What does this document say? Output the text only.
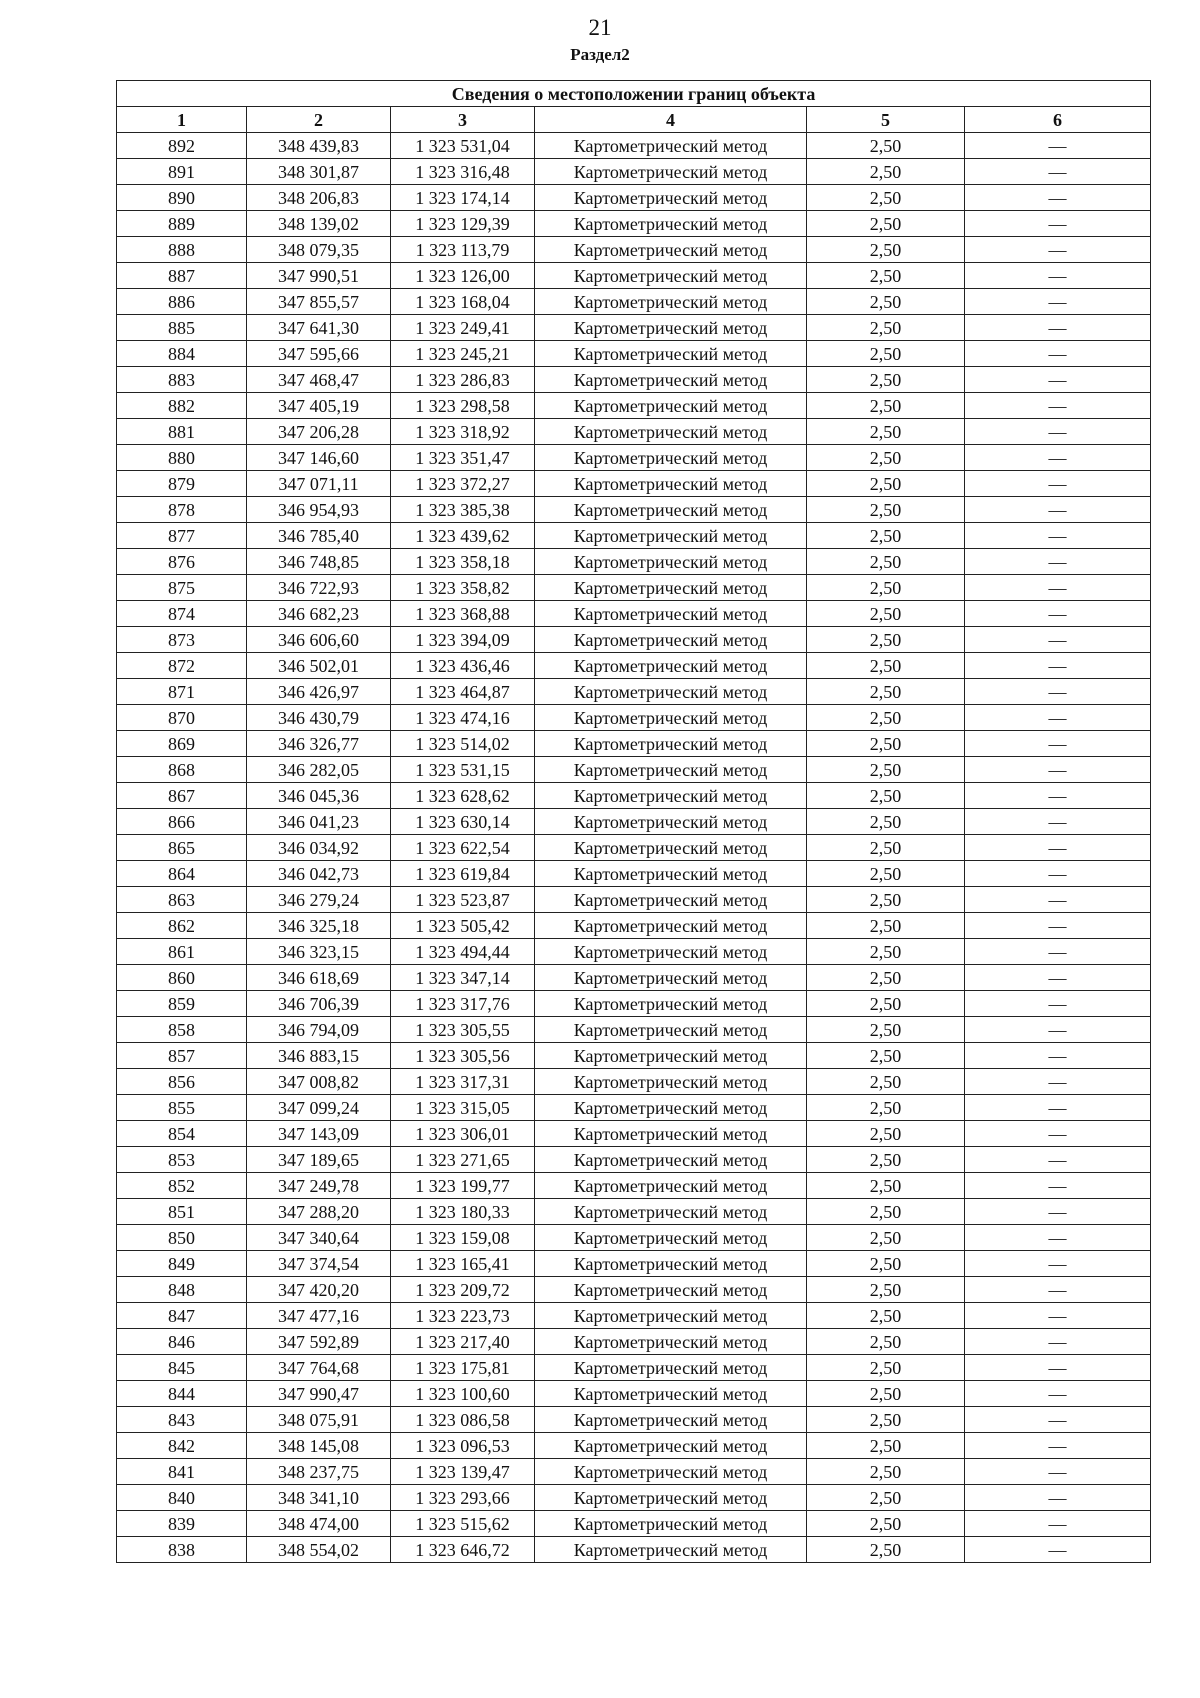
21
Раздел2
Сведения о местоположении границ объекта					
1	2	3	4	5	6
892	348 439,83	1 323 531,04	Картометрический метод	2,50	—
891	348 301,87	1 323 316,48	Картометрический метод	2,50	—
890	348 206,83	1 323 174,14	Картометрический метод	2,50	—
889	348 139,02	1 323 129,39	Картометрический метод	2,50	—
888	348 079,35	1 323 113,79	Картометрический метод	2,50	—
887	347 990,51	1 323 126,00	Картометрический метод	2,50	—
886	347 855,57	1 323 168,04	Картометрический метод	2,50	—
885	347 641,30	1 323 249,41	Картометрический метод	2,50	—
884	347 595,66	1 323 245,21	Картометрический метод	2,50	—
883	347 468,47	1 323 286,83	Картометрический метод	2,50	—
882	347 405,19	1 323 298,58	Картометрический метод	2,50	—
881	347 206,28	1 323 318,92	Картометрический метод	2,50	—
880	347 146,60	1 323 351,47	Картометрический метод	2,50	—
879	347 071,11	1 323 372,27	Картометрический метод	2,50	—
878	346 954,93	1 323 385,38	Картометрический метод	2,50	—
877	346 785,40	1 323 439,62	Картометрический метод	2,50	—
876	346 748,85	1 323 358,18	Картометрический метод	2,50	—
875	346 722,93	1 323 358,82	Картометрический метод	2,50	—
874	346 682,23	1 323 368,88	Картометрический метод	2,50	—
873	346 606,60	1 323 394,09	Картометрический метод	2,50	—
872	346 502,01	1 323 436,46	Картометрический метод	2,50	—
871	346 426,97	1 323 464,87	Картометрический метод	2,50	—
870	346 430,79	1 323 474,16	Картометрический метод	2,50	—
869	346 326,77	1 323 514,02	Картометрический метод	2,50	—
868	346 282,05	1 323 531,15	Картометрический метод	2,50	—
867	346 045,36	1 323 628,62	Картометрический метод	2,50	—
866	346 041,23	1 323 630,14	Картометрический метод	2,50	—
865	346 034,92	1 323 622,54	Картометрический метод	2,50	—
864	346 042,73	1 323 619,84	Картометрический метод	2,50	—
863	346 279,24	1 323 523,87	Картометрический метод	2,50	—
862	346 325,18	1 323 505,42	Картометрический метод	2,50	—
861	346 323,15	1 323 494,44	Картометрический метод	2,50	—
860	346 618,69	1 323 347,14	Картометрический метод	2,50	—
859	346 706,39	1 323 317,76	Картометрический метод	2,50	—
858	346 794,09	1 323 305,55	Картометрический метод	2,50	—
857	346 883,15	1 323 305,56	Картометрический метод	2,50	—
856	347 008,82	1 323 317,31	Картометрический метод	2,50	—
855	347 099,24	1 323 315,05	Картометрический метод	2,50	—
854	347 143,09	1 323 306,01	Картометрический метод	2,50	—
853	347 189,65	1 323 271,65	Картометрический метод	2,50	—
852	347 249,78	1 323 199,77	Картометрический метод	2,50	—
851	347 288,20	1 323 180,33	Картометрический метод	2,50	—
850	347 340,64	1 323 159,08	Картометрический метод	2,50	—
849	347 374,54	1 323 165,41	Картометрический метод	2,50	—
848	347 420,20	1 323 209,72	Картометрический метод	2,50	—
847	347 477,16	1 323 223,73	Картометрический метод	2,50	—
846	347 592,89	1 323 217,40	Картометрический метод	2,50	—
845	347 764,68	1 323 175,81	Картометрический метод	2,50	—
844	347 990,47	1 323 100,60	Картометрический метод	2,50	—
843	348 075,91	1 323 086,58	Картометрический метод	2,50	—
842	348 145,08	1 323 096,53	Картометрический метод	2,50	—
841	348 237,75	1 323 139,47	Картометрический метод	2,50	—
840	348 341,10	1 323 293,66	Картометрический метод	2,50	—
839	348 474,00	1 323 515,62	Картометрический метод	2,50	—
838	348 554,02	1 323 646,72	Картометрический метод	2,50	—
